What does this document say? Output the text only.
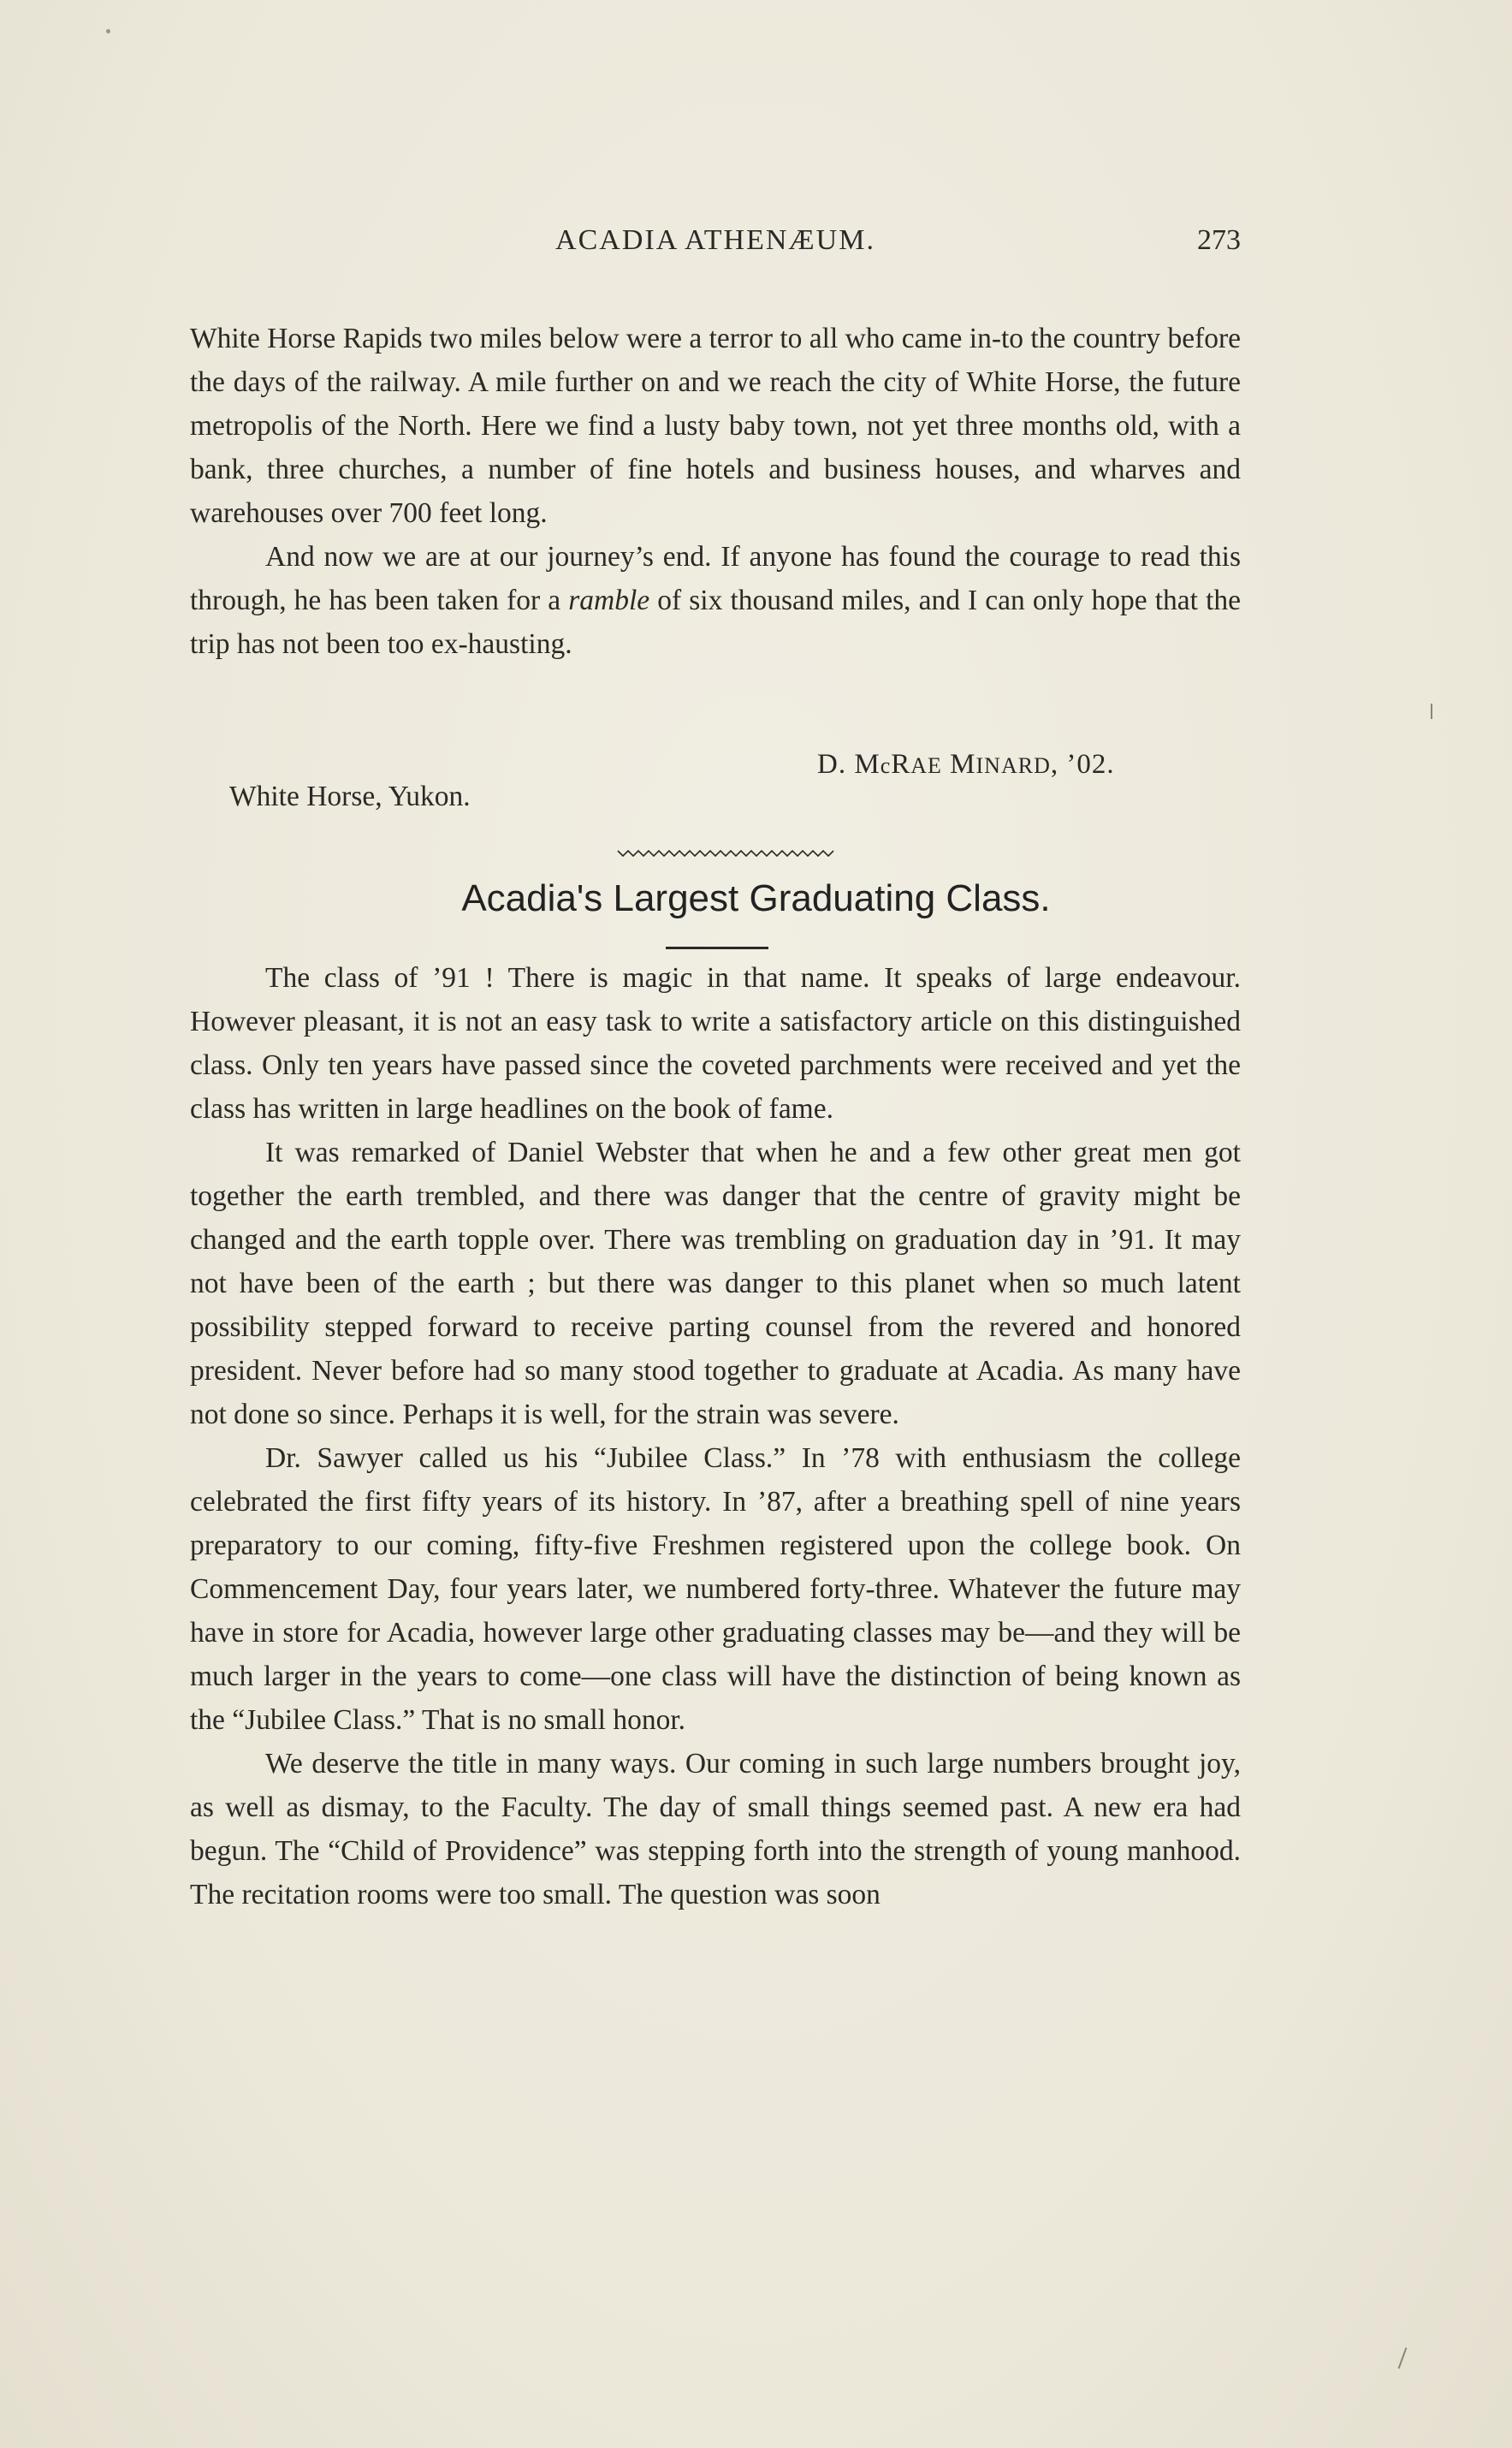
ACADIA ATHENÆUM.	273

White Horse Rapids two miles below were a terror to all who came in-to the country before the days of the railway. A mile further on and we reach the city of White Horse, the future metropolis of the North. Here we find a lusty baby town, not yet three months old, with a bank, three churches, a number of fine hotels and business houses, and wharves and warehouses over 700 feet long.

And now we are at our journey’s end. If anyone has found the courage to read this through, he has been taken for a ramble of six thousand miles, and I can only hope that the trip has not been too ex-hausting.

D. McRAE MINARD, ’02.
White Horse, Yukon.
Acadia's Largest Graduating Class.

The class of ’91 ! There is magic in that name. It speaks of large endeavour. However pleasant, it is not an easy task to write a satisfactory article on this distinguished class. Only ten years have passed since the coveted parchments were received and yet the class has written in large headlines on the book of fame.

It was remarked of Daniel Webster that when he and a few other great men got together the earth trembled, and there was danger that the centre of gravity might be changed and the earth topple over. There was trembling on graduation day in ’91. It may not have been of the earth ; but there was danger to this planet when so much latent possibility stepped forward to receive parting counsel from the revered and honored president. Never before had so many stood together to graduate at Acadia. As many have not done so since. Perhaps it is well, for the strain was severe.

Dr. Sawyer called us his “Jubilee Class.” In ’78 with enthusiasm the college celebrated the first fifty years of its history. In ’87, after a breathing spell of nine years preparatory to our coming, fifty-five Freshmen registered upon the college book. On Commencement Day, four years later, we numbered forty-three. Whatever the future may have in store for Acadia, however large other graduating classes may be—and they will be much larger in the years to come—one class will have the distinction of being known as the “Jubilee Class.” That is no small honor.

We deserve the title in many ways. Our coming in such large numbers brought joy, as well as dismay, to the Faculty. The day of small things seemed past. A new era had begun. The “Child of Providence” was stepping forth into the strength of young manhood. The recitation rooms were too small. The question was soon
